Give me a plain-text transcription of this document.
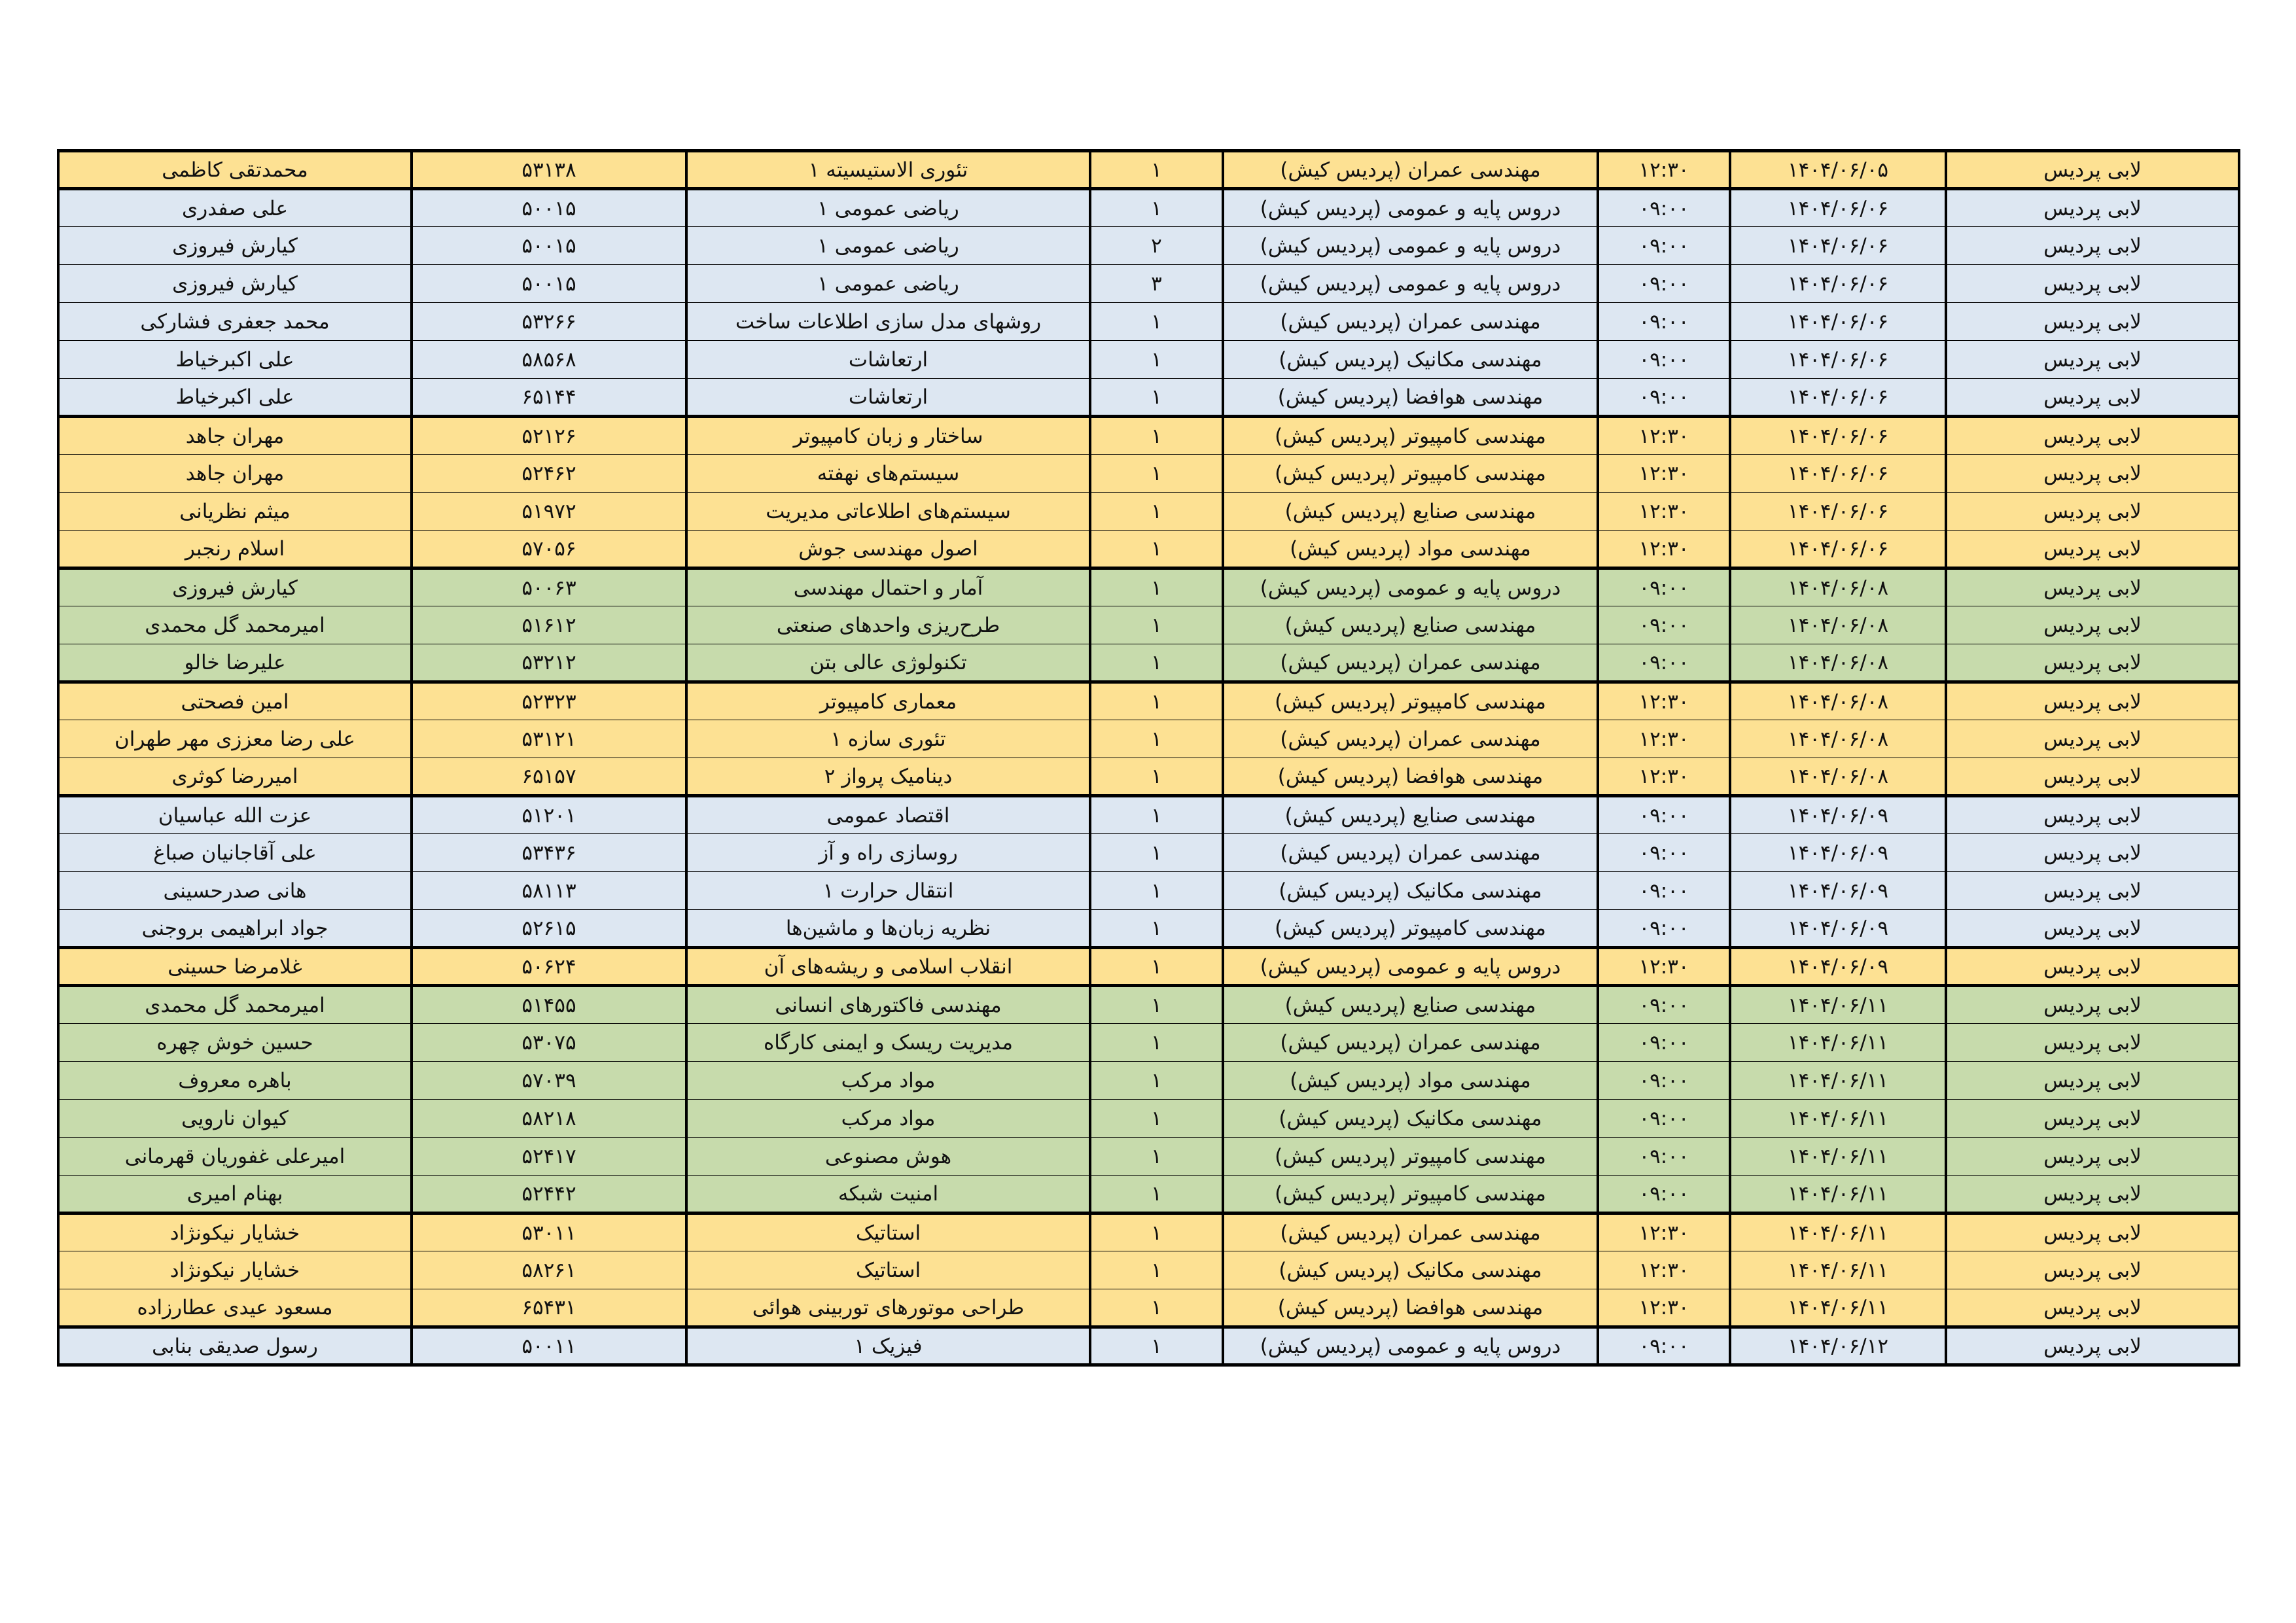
محمدتقی کاظمی	۵۳۱۳۸	تئوری الاستیسیته ۱	۱	مهندسی عمران (پردیس کیش)	۱۲:۳۰	۱۴۰۴/۰۶/۰۵	لابی پردیس
علی صفدری	۵۰۰۱۵	ریاضی عمومی ۱	۱	دروس پایه و عمومی (پردیس کیش)	۰۹:۰۰	۱۴۰۴/۰۶/۰۶	لابی پردیس
کیارش فیروزی	۵۰۰۱۵	ریاضی عمومی ۱	۲	دروس پایه و عمومی (پردیس کیش)	۰۹:۰۰	۱۴۰۴/۰۶/۰۶	لابی پردیس
کیارش فیروزی	۵۰۰۱۵	ریاضی عمومی ۱	۳	دروس پایه و عمومی (پردیس کیش)	۰۹:۰۰	۱۴۰۴/۰۶/۰۶	لابی پردیس
محمد جعفری فشارکی	۵۳۲۶۶	روشهای مدل سازی اطلاعات ساخت	۱	مهندسی عمران (پردیس کیش)	۰۹:۰۰	۱۴۰۴/۰۶/۰۶	لابی پردیس
علی اکبرخیاط	۵۸۵۶۸	ارتعاشات	۱	مهندسی مکانیک (پردیس کیش)	۰۹:۰۰	۱۴۰۴/۰۶/۰۶	لابی پردیس
علی اکبرخیاط	۶۵۱۴۴	ارتعاشات	۱	مهندسی هوافضا (پردیس کیش)	۰۹:۰۰	۱۴۰۴/۰۶/۰۶	لابی پردیس
مهران جاهد	۵۲۱۲۶	ساختار و زبان کامپیوتر	۱	مهندسی کامپیوتر (پردیس کیش)	۱۲:۳۰	۱۴۰۴/۰۶/۰۶	لابی پردیس
مهران جاهد	۵۲۴۶۲	سیستم‌های نهفته	۱	مهندسی کامپیوتر (پردیس کیش)	۱۲:۳۰	۱۴۰۴/۰۶/۰۶	لابی پردیس
میثم نظریانی	۵۱۹۷۲	سیستم‌های اطلاعاتی مدیریت	۱	مهندسی صنایع (پردیس کیش)	۱۲:۳۰	۱۴۰۴/۰۶/۰۶	لابی پردیس
اسلام رنجبر	۵۷۰۵۶	اصول مهندسی جوش	۱	مهندسی مواد (پردیس کیش)	۱۲:۳۰	۱۴۰۴/۰۶/۰۶	لابی پردیس
کیارش فیروزی	۵۰۰۶۳	آمار و احتمال مهندسی	۱	دروس پایه و عمومی (پردیس کیش)	۰۹:۰۰	۱۴۰۴/۰۶/۰۸	لابی پردیس
امیرمحمد گل محمدی	۵۱۶۱۲	طرح‌ریزی واحدهای صنعتی	۱	مهندسی صنایع (پردیس کیش)	۰۹:۰۰	۱۴۰۴/۰۶/۰۸	لابی پردیس
علیرضا خالو	۵۳۲۱۲	تکنولوژی عالی بتن	۱	مهندسی عمران (پردیس کیش)	۰۹:۰۰	۱۴۰۴/۰۶/۰۸	لابی پردیس
امین فصحتی	۵۲۳۲۳	معماری کامپیوتر	۱	مهندسی کامپیوتر (پردیس کیش)	۱۲:۳۰	۱۴۰۴/۰۶/۰۸	لابی پردیس
علی رضا معززی مهر طهران	۵۳۱۲۱	تئوری سازه ۱	۱	مهندسی عمران (پردیس کیش)	۱۲:۳۰	۱۴۰۴/۰۶/۰۸	لابی پردیس
امیررضا کوثری	۶۵۱۵۷	دینامیک پرواز ۲	۱	مهندسی هوافضا (پردیس کیش)	۱۲:۳۰	۱۴۰۴/۰۶/۰۸	لابی پردیس
عزت الله عباسیان	۵۱۲۰۱	اقتصاد عمومی	۱	مهندسی صنایع (پردیس کیش)	۰۹:۰۰	۱۴۰۴/۰۶/۰۹	لابی پردیس
علی آقاجانیان صباغ	۵۳۴۳۶	روسازی راه و آز	۱	مهندسی عمران (پردیس کیش)	۰۹:۰۰	۱۴۰۴/۰۶/۰۹	لابی پردیس
هانی صدرحسینی	۵۸۱۱۳	انتقال حرارت ۱	۱	مهندسی مکانیک (پردیس کیش)	۰۹:۰۰	۱۴۰۴/۰۶/۰۹	لابی پردیس
جواد ابراهیمی بروجنی	۵۲۶۱۵	نظریه زبان‌ها و ماشین‌ها	۱	مهندسی کامپیوتر (پردیس کیش)	۰۹:۰۰	۱۴۰۴/۰۶/۰۹	لابی پردیس
غلامرضا حسینی	۵۰۶۲۴	انقلاب اسلامی و ریشه‌های آن	۱	دروس پایه و عمومی (پردیس کیش)	۱۲:۳۰	۱۴۰۴/۰۶/۰۹	لابی پردیس
امیرمحمد گل محمدی	۵۱۴۵۵	مهندسی فاکتورهای انسانی	۱	مهندسی صنایع (پردیس کیش)	۰۹:۰۰	۱۴۰۴/۰۶/۱۱	لابی پردیس
حسین خوش چهره	۵۳۰۷۵	مدیریت ریسک و ایمنی کارگاه	۱	مهندسی عمران (پردیس کیش)	۰۹:۰۰	۱۴۰۴/۰۶/۱۱	لابی پردیس
باهره معروف	۵۷۰۳۹	مواد مرکب	۱	مهندسی مواد (پردیس کیش)	۰۹:۰۰	۱۴۰۴/۰۶/۱۱	لابی پردیس
کیوان نارویی	۵۸۲۱۸	مواد مرکب	۱	مهندسی مکانیک (پردیس کیش)	۰۹:۰۰	۱۴۰۴/۰۶/۱۱	لابی پردیس
امیرعلی غفوریان قهرمانی	۵۲۴۱۷	هوش مصنوعی	۱	مهندسی کامپیوتر (پردیس کیش)	۰۹:۰۰	۱۴۰۴/۰۶/۱۱	لابی پردیس
بهنام امیری	۵۲۴۴۲	امنیت شبکه	۱	مهندسی کامپیوتر (پردیس کیش)	۰۹:۰۰	۱۴۰۴/۰۶/۱۱	لابی پردیس
خشایار نیکونژاد	۵۳۰۱۱	استاتیک	۱	مهندسی عمران (پردیس کیش)	۱۲:۳۰	۱۴۰۴/۰۶/۱۱	لابی پردیس
خشایار نیکونژاد	۵۸۲۶۱	استاتیک	۱	مهندسی مکانیک (پردیس کیش)	۱۲:۳۰	۱۴۰۴/۰۶/۱۱	لابی پردیس
مسعود عیدی عطارزاده	۶۵۴۳۱	طراحی موتورهای توربینی هوائی	۱	مهندسی هوافضا (پردیس کیش)	۱۲:۳۰	۱۴۰۴/۰۶/۱۱	لابی پردیس
رسول صدیقی بنابی	۵۰۰۱۱	فیزیک ۱	۱	دروس پایه و عمومی (پردیس کیش)	۰۹:۰۰	۱۴۰۴/۰۶/۱۲	لابی پردیس
